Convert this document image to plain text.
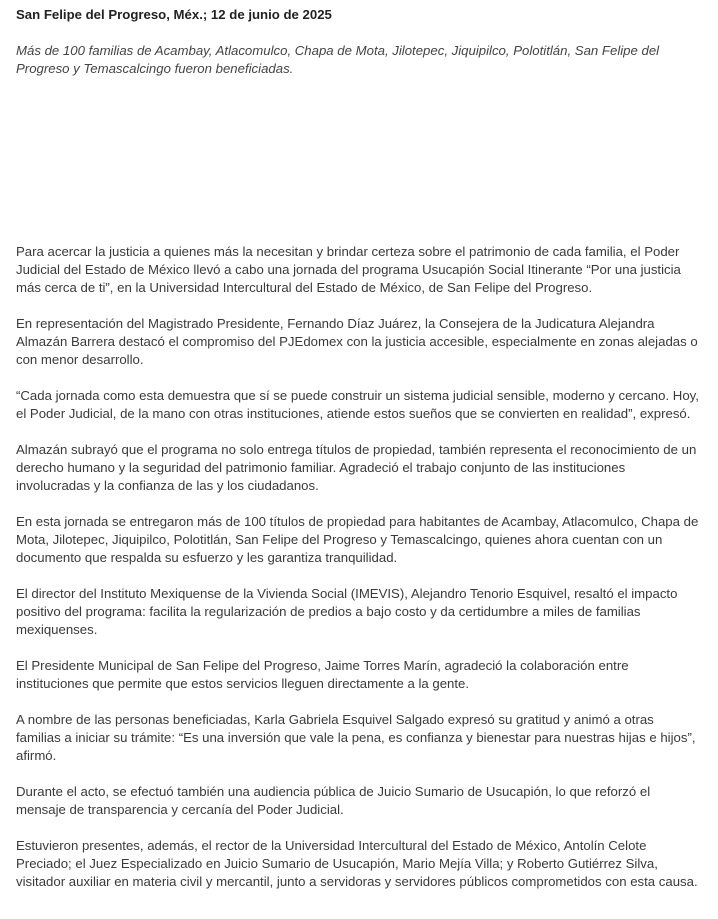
San Felipe del Progreso, Méx.; 12 de junio de 2025

Más de 100 familias de Acambay, Atlacomulco, Chapa de Mota, Jilotepec, Jiquipilco, Polotitlán, San Felipe del Progreso y Temascalcingo fueron beneficiadas.

Para acercar la justicia a quienes más la necesitan y brindar certeza sobre el patrimonio de cada familia, el Poder Judicial del Estado de México llevó a cabo una jornada del programa Usucapión Social Itinerante “Por una justicia más cerca de ti”, en la Universidad Intercultural del Estado de México, de San Felipe del Progreso.

En representación del Magistrado Presidente, Fernando Díaz Juárez, la Consejera de la Judicatura Alejandra Almazán Barrera destacó el compromiso del PJEdomex con la justicia accesible, especialmente en zonas alejadas o con menor desarrollo.

“Cada jornada como esta demuestra que sí se puede construir un sistema judicial sensible, moderno y cercano. Hoy, el Poder Judicial, de la mano con otras instituciones, atiende estos sueños que se convierten en realidad”, expresó.

Almazán subrayó que el programa no solo entrega títulos de propiedad, también representa el reconocimiento de un derecho humano y la seguridad del patrimonio familiar. Agradeció el trabajo conjunto de las instituciones involucradas y la confianza de las y los ciudadanos.

En esta jornada se entregaron más de 100 títulos de propiedad para habitantes de Acambay, Atlacomulco, Chapa de Mota, Jilotepec, Jiquipilco, Polotitlán, San Felipe del Progreso y Temascalcingo, quienes ahora cuentan con un documento que respalda su esfuerzo y les garantiza tranquilidad.

El director del Instituto Mexiquense de la Vivienda Social (IMEVIS), Alejandro Tenorio Esquivel, resaltó el impacto positivo del programa: facilita la regularización de predios a bajo costo y da certidumbre a miles de familias mexiquenses.

El Presidente Municipal de San Felipe del Progreso, Jaime Torres Marín, agradeció la colaboración entre instituciones que permite que estos servicios lleguen directamente a la gente.

A nombre de las personas beneficiadas, Karla Gabriela Esquivel Salgado expresó su gratitud y animó a otras familias a iniciar su trámite: “Es una inversión que vale la pena, es confianza y bienestar para nuestras hijas e hijos”, afirmó.

Durante el acto, se efectuó también una audiencia pública de Juicio Sumario de Usucapión, lo que reforzó el mensaje de transparencia y cercanía del Poder Judicial.

Estuvieron presentes, además, el rector de la Universidad Intercultural del Estado de México, Antolín Celote Preciado; el Juez Especializado en Juicio Sumario de Usucapión, Mario Mejía Villa; y Roberto Gutiérrez Silva, visitador auxiliar en materia civil y mercantil, junto a servidoras y servidores públicos comprometidos con esta causa.
